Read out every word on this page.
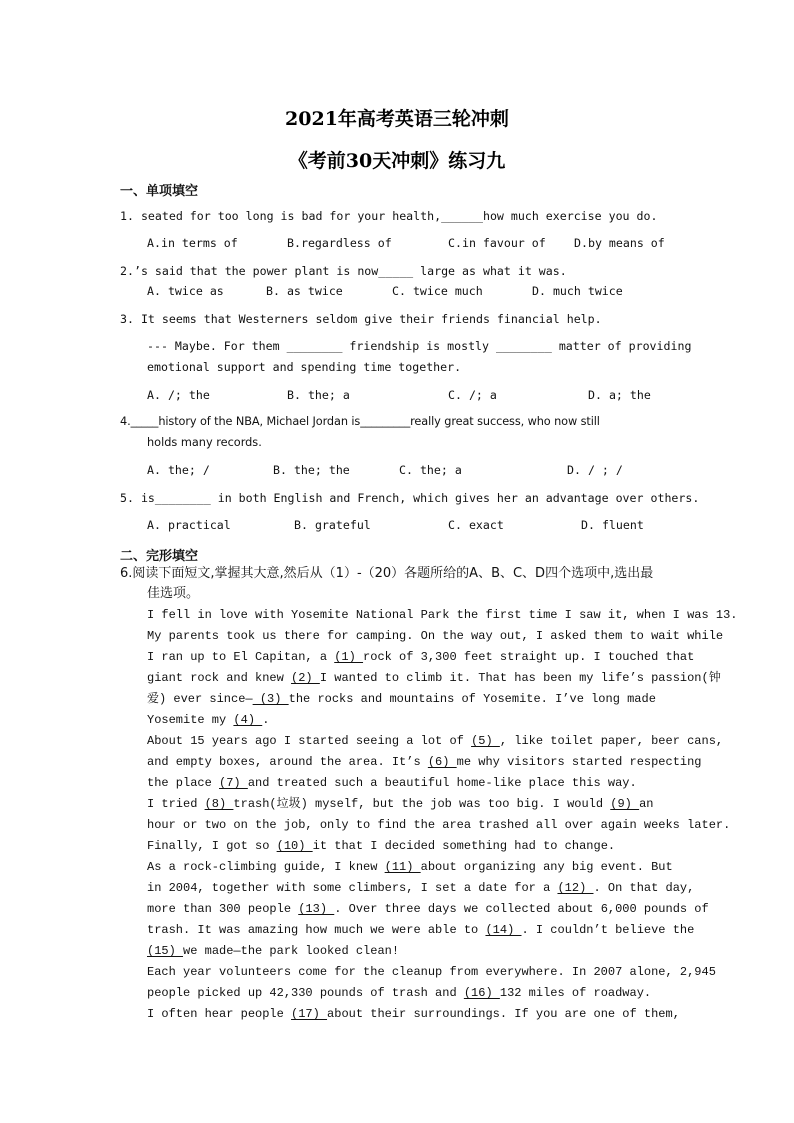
2021年高考英语三轮冲刺
《考前30天冲刺》练习九
一、单项填空
1. seated for too long is bad for your health,______how much exercise you do.
A.in terms of	B.regardless of	C.in favour of D.by means of
2.’s said that the power plant is now_____ large as what it was.
A. twice as	B. as twice	C. twice much	D. much twice
3. It seems that Westerners seldom give their friends financial help.
--- Maybe. For them ________ friendship is mostly ________ matter of providing
emotional support and spending time together.
A. /; the	B. the; a	C. /; a	D. a; the
4._____history of the NBA, Michael Jordan is_________really great success, who now still
holds many records.
A. the; /	B. the; the	C. the; a	D. / ; /
5. is________ in both English and French, which gives her an advantage over others.
A. practical	B. grateful	C. exact	D. fluent
二、完形填空
6.阅读下面短文,掌握其大意,然后从（1）-（20）各题所给的A、B、C、D四个选项中,选出最
佳选项。
I fell in love with Yosemite National Park the first time I saw it, when I was 13.
My parents took us there for camping. On the way out, I asked them to wait while
I ran up to El Capitan, a (1) rock of 3,300 feet straight up. I touched that
giant rock and knew (2) I wanted to climb it. That has been my life’s passion(钟
爱) ever since— (3) the rocks and mountains of Yosemite. I’ve long made
Yosemite my (4) .
About 15 years ago I started seeing a lot of (5) , like toilet paper, beer cans,
and empty boxes, around the area. It’s (6) me why visitors started respecting
the place (7) and treated such a beautiful home-like place this way.
I tried (8) trash(垃圾) myself, but the job was too big. I would (9) an
hour or two on the job, only to find the area trashed all over again weeks later.
Finally, I got so (10) it that I decided something had to change.
As a rock-climbing guide, I knew (11) about organizing any big event. But
in 2004, together with some climbers, I set a date for a (12) . On that day,
more than 300 people (13) . Over three days we collected about 6,000 pounds of
trash. It was amazing how much we were able to (14) . I couldn’t believe the
(15) we made—the park looked clean!
Each year volunteers come for the cleanup from everywhere. In 2007 alone, 2,945
people picked up 42,330 pounds of trash and (16) 132 miles of roadway.
I often hear people (17) about their surroundings. If you are one of them,
